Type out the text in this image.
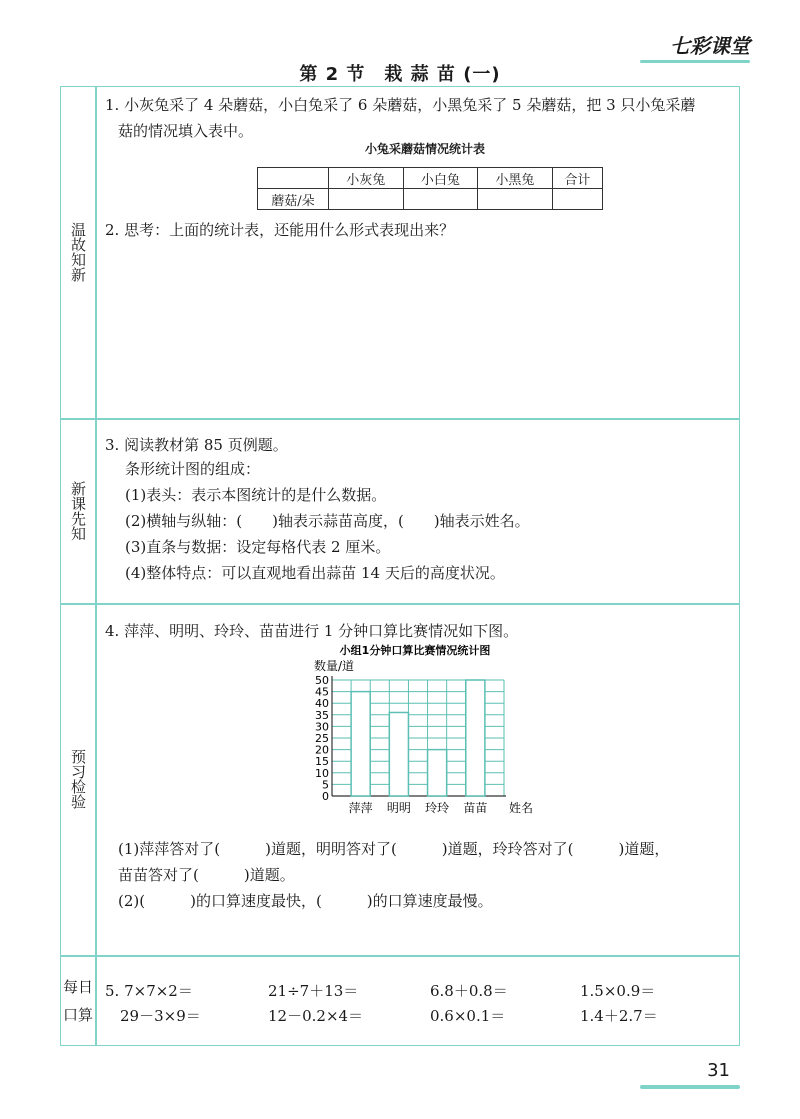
七彩课堂
第 2 节　栽 蒜 苗 (一)
温故知新
新课先知
预习检验
每日
口算
1. 小灰兔采了 4 朵蘑菇，小白兔采了 6 朵蘑菇，小黑兔采了 5 朵蘑菇，把 3 只小兔采蘑
菇的情况填入表中。
小兔采蘑菇情况统计表
	小灰兔	小白兔	小黑兔	合计
蘑菇/朵				
2. 思考：上面的统计表，还能用什么形式表现出来？
3. 阅读教材第 85 页例题。
条形统计图的组成：
(1)表头：表示本图统计的是什么数据。
(2)横轴与纵轴：(　　)轴表示蒜苗高度，(　　)轴表示姓名。
(3)直条与数据：设定每格代表 2 厘米。
(4)整体特点：可以直观地看出蒜苗 14 天后的高度状况。
4. 萍萍、明明、玲玲、苗苗进行 1 分钟口算比赛情况如下图。
小组1分钟口算比赛情况统计图
数量/道
姓名
0
5
10
15
20
25
30
35
40
45
50
萍萍 明明 玲玲 苗苗
(1)萍萍答对了(　　　)道题，明明答对了(　　　)道题，玲玲答对了(　　　)道题，
苗苗答对了(　　　)道题。
(2)(　　　)的口算速度最快，(　　　)的口算速度最慢。
5. 7×7×2＝	21÷7＋13＝	6.8＋0.8＝	1.5×0.9＝
29－3×9＝	12－0.2×4＝	0.6×0.1＝	1.4＋2.7＝
31
